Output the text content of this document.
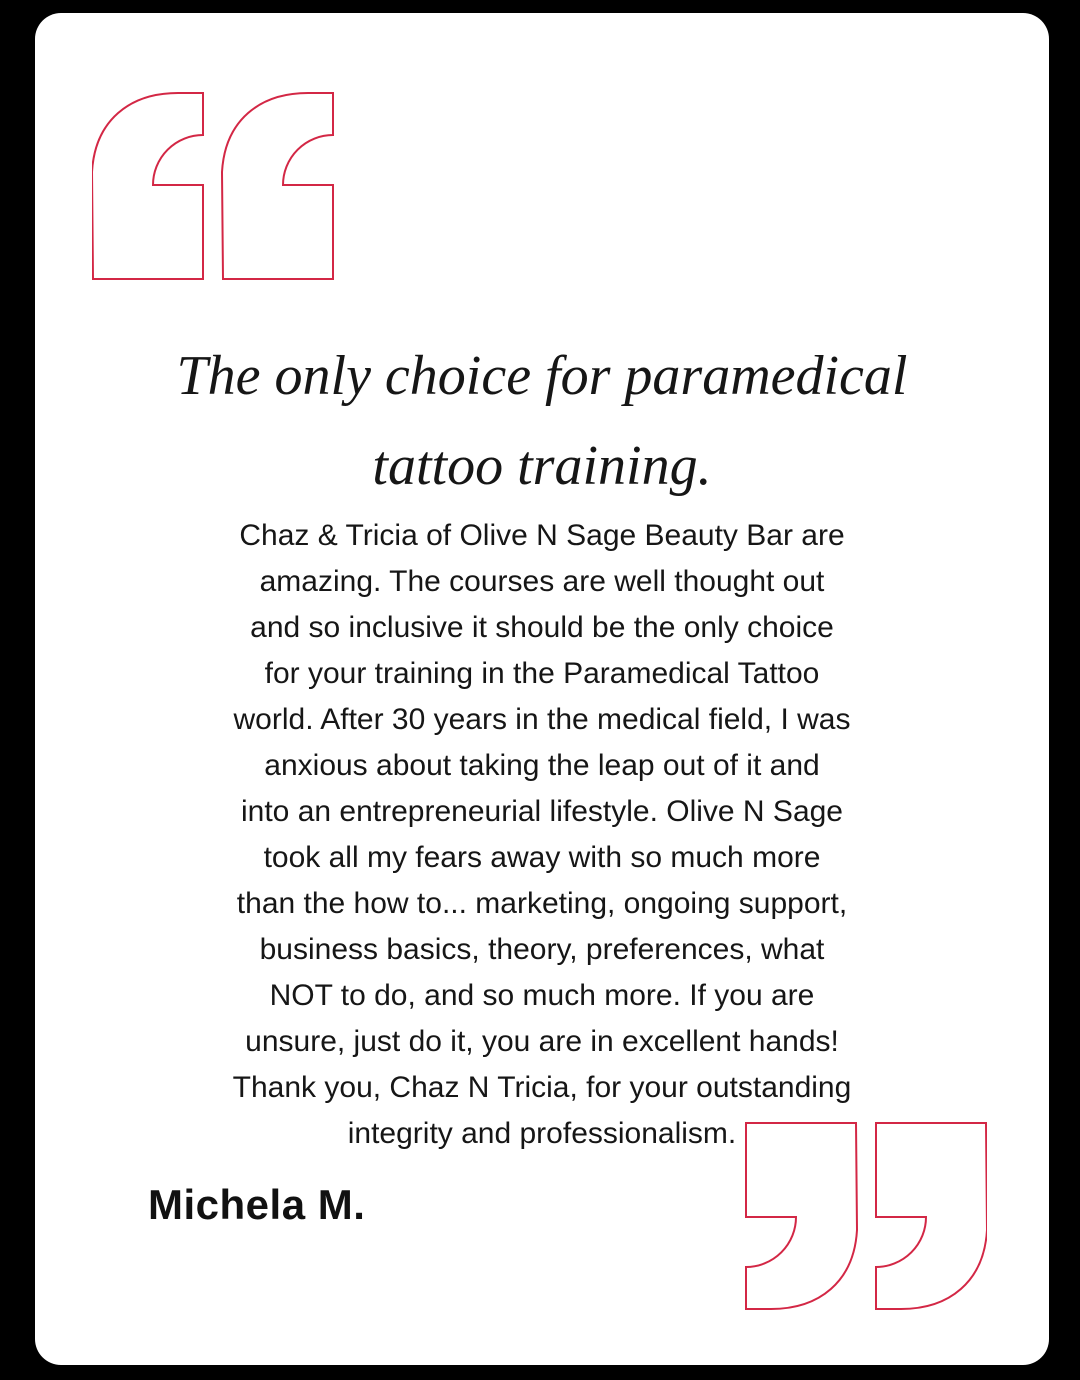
The only choice for paramedical
tattoo training.
Chaz & Tricia of Olive N Sage Beauty Bar are
amazing. The courses are well thought out
and so inclusive it should be the only choice
for your training in the Paramedical Tattoo
world. After 30 years in the medical field, I was
anxious about taking the leap out of it and
into an entrepreneurial lifestyle. Olive N Sage
took all my fears away with so much more
than the how to... marketing, ongoing support,
business basics, theory, preferences, what
NOT to do, and so much more. If you are
unsure, just do it, you are in excellent hands!
Thank you, Chaz N Tricia, for your outstanding
integrity and professionalism.
Michela M.
